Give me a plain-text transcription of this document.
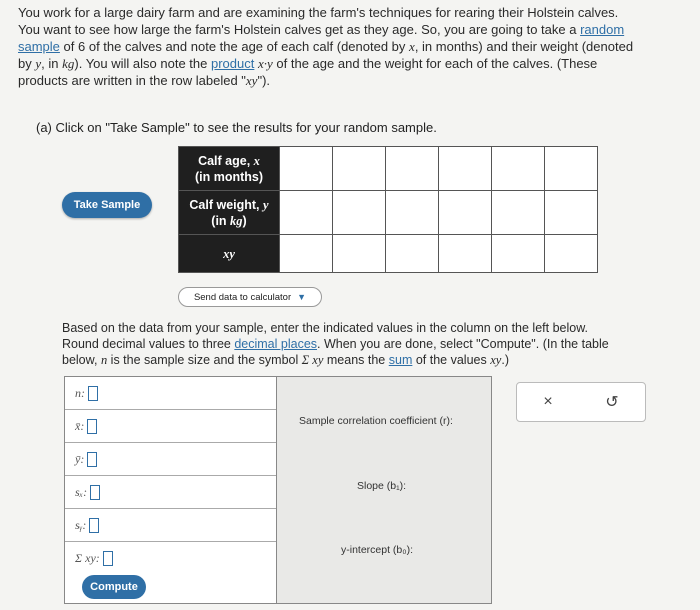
You work for a large dairy farm and are examining the farm's techniques for rearing their Holstein calves.
You want to see how large the farm's Holstein calves get as they age. So, you are going to take a random
sample of 6 of the calves and note the age of each calf (denoted by x, in months) and their weight (denoted
by y, in kg). You will also note the product x·y of the age and the weight for each of the calves. (These
products are written in the row labeled "xy").
(a) Click on "Take Sample" to see the results for your random sample.
Take Sample
Calf age, x
(in months)						
Calf weight, y
(in kg)						
xy						
Send data to calculator ▼
Based on the data from your sample, enter the indicated values in the column on the left below.
Round decimal values to three decimal places. When you are done, select "Compute". (In the table
below, n is the sample size and the symbol Σ xy means the sum of the values xy.)
n:
x̄:
ȳ:
sₓ:
sᵧ:
Σ xy:
Compute
Sample correlation coefficient (r):
Slope (b₁):
y-intercept (b₀):
×	↺
